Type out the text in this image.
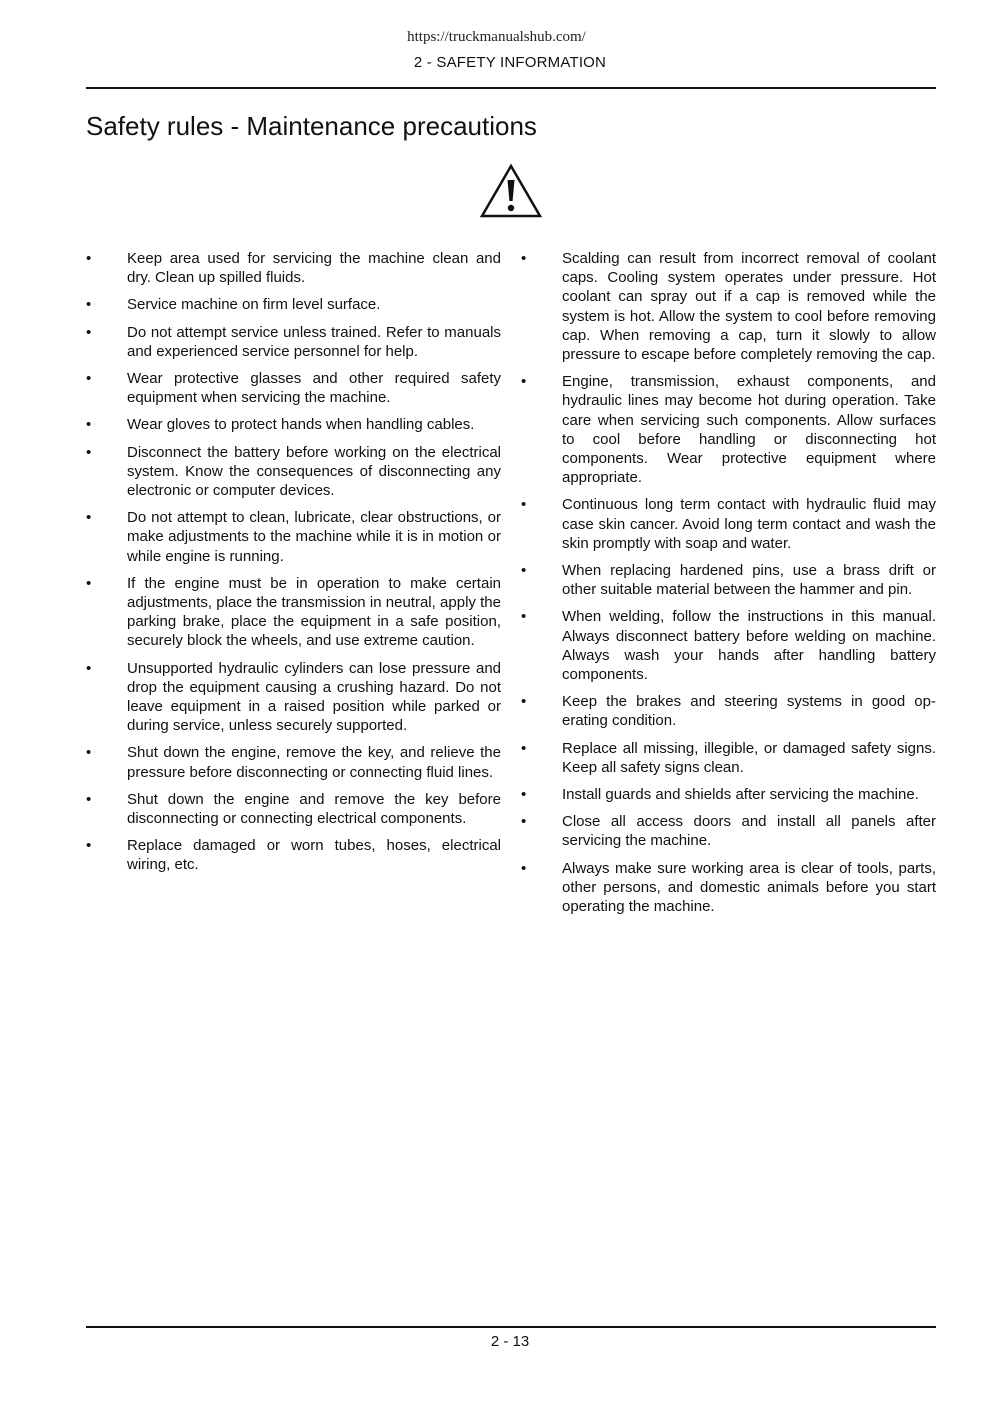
https://truckmanualshub.com/
2 - SAFETY INFORMATION
Safety rules - Maintenance precautions
•	Keep area used for servicing the machine clean and dry. Clean up spilled fluids.
•	Service machine on firm level surface.
•	Do not attempt service unless trained. Refer to manuals and experienced service personnel for help.
•	Wear protective glasses and other required safety equipment when servicing the machine.
•	Wear gloves to protect hands when handling cables.
•	Disconnect the battery before working on the electrical system. Know the consequences of disconnecting any electronic or computer devices.
•	Do not attempt to clean, lubricate, clear obstructions, or make adjustments to the machine while it is in motion or while engine is running.
•	If the engine must be in operation to make certain adjustments, place the transmission in neutral, apply the parking brake, place the equipment in a safe position, securely block the wheels, and use extreme caution.
•	Unsupported hydraulic cylinders can lose pressure and drop the equipment causing a crushing hazard. Do not leave equipment in a raised position while parked or during service, unless securely supported.
•	Shut down the engine, remove the key, and relieve the pressure before disconnecting or connecting fluid lines.
•	Shut down the engine and remove the key before disconnecting or connecting electrical components.
•	Replace damaged or worn tubes, hoses, electrical wiring, etc.
•	Scalding can result from incorrect removal of coolant caps. Cooling system operates under pressure. Hot coolant can spray out if a cap is removed while the system is hot. Allow the system to cool before removing cap. When removing a cap, turn it slowly to allow pressure to escape before completely removing the cap.
•	Engine, transmission, exhaust components, and hydraulic lines may become hot during operation. Take care when servicing such components. Allow surfaces to cool before handling or disconnecting hot components. Wear protective equipment where appropriate.
•	Continuous long term contact with hydraulic fluid may case skin cancer. Avoid long term contact and wash the skin promptly with soap and water.
•	When replacing hardened pins, use a brass drift or other suitable material between the hammer and pin.
•	When welding, follow the instructions in this manual. Always disconnect battery before welding on machine. Always wash your hands after handling battery components.
•	Keep the brakes and steering systems in good operating condition.
•	Replace all missing, illegible, or damaged safety signs. Keep all safety signs clean.
•	Install guards and shields after servicing the machine.
•	Close all access doors and install all panels after servicing the machine.
•	Always make sure working area is clear of tools, parts, other persons, and domestic animals before you start operating the machine.
2 - 13
